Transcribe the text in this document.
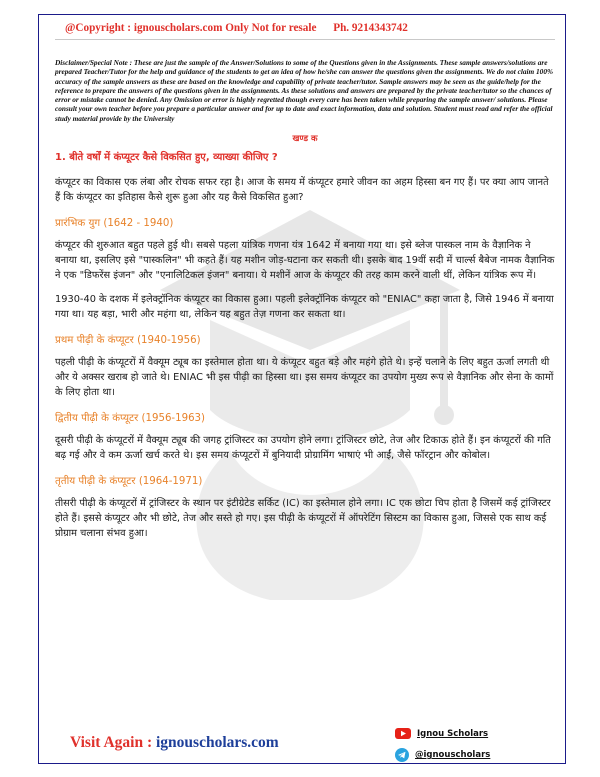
@Copyright : ignouscholars.com Only Not for resale Ph. 9214343742

Disclaimer/Special Note : These are just the sample of the Answer/Solutions to some of the Questions given in the Assignments. These sample answers/solutions are prepared Teacher/Tutor for the help and guidance of the students to get an idea of how he/she can answer the questions given the assignments. We do not claim 100% accuracy of the sample answers as these are based on the knowledge and capability of private teacher/tutor. Sample answers may be seen as the guide/help for the reference to prepare the answers of the questions given in the assignments. As these solutions and answers are prepared by the private teacher/tutor so the chances of error or mistake cannot be denied. Any Omission or error is highly regretted though every care has been taken while preparing the sample answer/ solutions. Please consult your own teacher before you prepare a particular answer and for up to date and exact information, data and solution. Student must read and refer the official study material provide by the University

खण्ड क
1. बीते वर्षों में कंप्यूटर कैसे विकसित हुए, व्याख्या कीजिए ?

कंप्यूटर का विकास एक लंबा और रोचक सफर रहा है। आज के समय में कंप्यूटर हमारे जीवन का अहम हिस्सा बन गए हैं। पर क्या आप जानते हैं कि कंप्यूटर का इतिहास कैसे शुरू हुआ और यह कैसे विकसित हुआ?

प्रारंभिक युग (1642 - 1940)

कंप्यूटर की शुरुआत बहुत पहले हुई थी। सबसे पहला यांत्रिक गणना यंत्र 1642 में बनाया गया था। इसे ब्लेज पास्कल नाम के वैज्ञानिक ने बनाया था, इसलिए इसे "पास्कलिन" भी कहते हैं। यह मशीन जोड़-घटाना कर सकती थी। इसके बाद 19वीं सदी में चार्ल्स बैबेज नामक वैज्ञानिक ने एक "डिफरेंस इंजन" और "एनालिटिकल इंजन" बनाया। ये मशीनें आज के कंप्यूटर की तरह काम करने वाली थीं, लेकिन यांत्रिक रूप में।

1930-40 के दशक में इलेक्ट्रॉनिक कंप्यूटर का विकास हुआ। पहली इलेक्ट्रॉनिक कंप्यूटर को "ENIAC" कहा जाता है, जिसे 1946 में बनाया गया था। यह बड़ा, भारी और महंगा था, लेकिन यह बहुत तेज़ गणना कर सकता था।

प्रथम पीढ़ी के कंप्यूटर (1940-1956)

पहली पीढ़ी के कंप्यूटरों में वैक्यूम ट्यूब का इस्तेमाल होता था। ये कंप्यूटर बहुत बड़े और महंगे होते थे। इन्हें चलाने के लिए बहुत ऊर्जा लगती थी और ये अक्सर खराब हो जाते थे। ENIAC भी इस पीढ़ी का हिस्सा था। इस समय कंप्यूटर का उपयोग मुख्य रूप से वैज्ञानिक और सेना के कामों के लिए होता था।

द्वितीय पीढ़ी के कंप्यूटर (1956-1963)

दूसरी पीढ़ी के कंप्यूटरों में वैक्यूम ट्यूब की जगह ट्रांजिस्टर का उपयोग होने लगा। ट्रांजिस्टर छोटे, तेज और टिकाऊ होते हैं। इन कंप्यूटरों की गति बढ़ गई और वे कम ऊर्जा खर्च करते थे। इस समय कंप्यूटरों में बुनियादी प्रोग्रामिंग भाषाएं भी आईं, जैसे फॉरट्रान और कोबोल।

तृतीय पीढ़ी के कंप्यूटर (1964-1971)

तीसरी पीढ़ी के कंप्यूटरों में ट्रांजिस्टर के स्थान पर इंटीग्रेटेड सर्किट (IC) का इस्तेमाल होने लगा। IC एक छोटा चिप होता है जिसमें कई ट्रांजिस्टर होते हैं। इससे कंप्यूटर और भी छोटे, तेज और सस्ते हो गए। इस पीढ़ी के कंप्यूटरों में ऑपरेटिंग सिस्टम का विकास हुआ, जिससे एक साथ कई प्रोग्राम चलाना संभव हुआ।

Visit Again : ignouscholars.com
Ignou Scholars
@ignouscholars
